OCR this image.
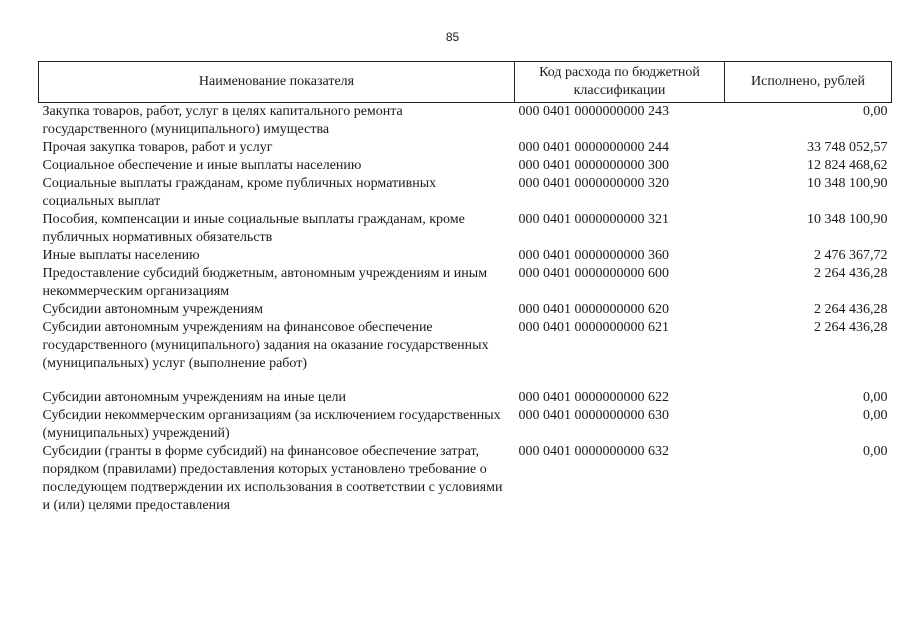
85
Наименование показателя	Код расхода по бюджетной классификации	Исполнено, рублей
Закупка товаров, работ, услуг в целях капитального ремонта государственного (муниципального) имущества	000 0401 0000000000 243	0,00
Прочая закупка товаров, работ и услуг	000 0401 0000000000 244	33 748 052,57
Социальное обеспечение и иные выплаты населению	000 0401 0000000000 300	12 824 468,62
Социальные выплаты гражданам, кроме публичных нормативных социальных выплат	000 0401 0000000000 320	10 348 100,90
Пособия, компенсации и иные социальные выплаты гражданам, кроме публичных нормативных обязательств	000 0401 0000000000 321	10 348 100,90
Иные выплаты населению	000 0401 0000000000 360	2 476 367,72
Предоставление субсидий бюджетным, автономным учреждениям и иным некоммерческим организациям	000 0401 0000000000 600	2 264 436,28
Субсидии автономным учреждениям	000 0401 0000000000 620	2 264 436,28
Субсидии автономным учреждениям на финансовое обеспечение государственного (муниципального) задания на оказание государственных (муниципальных) услуг (выполнение работ)	000 0401 0000000000 621	2 264 436,28
Субсидии автономным учреждениям на иные цели	000 0401 0000000000 622	0,00
Субсидии некоммерческим организациям (за исключением государственных (муниципальных) учреждений)	000 0401 0000000000 630	0,00
Субсидии (гранты в форме субсидий) на финансовое обеспечение затрат, порядком (правилами) предоставления которых установлено требование о последующем подтверждении их использования в соответствии с условиями и (или) целями предоставления	000 0401 0000000000 632	0,00
